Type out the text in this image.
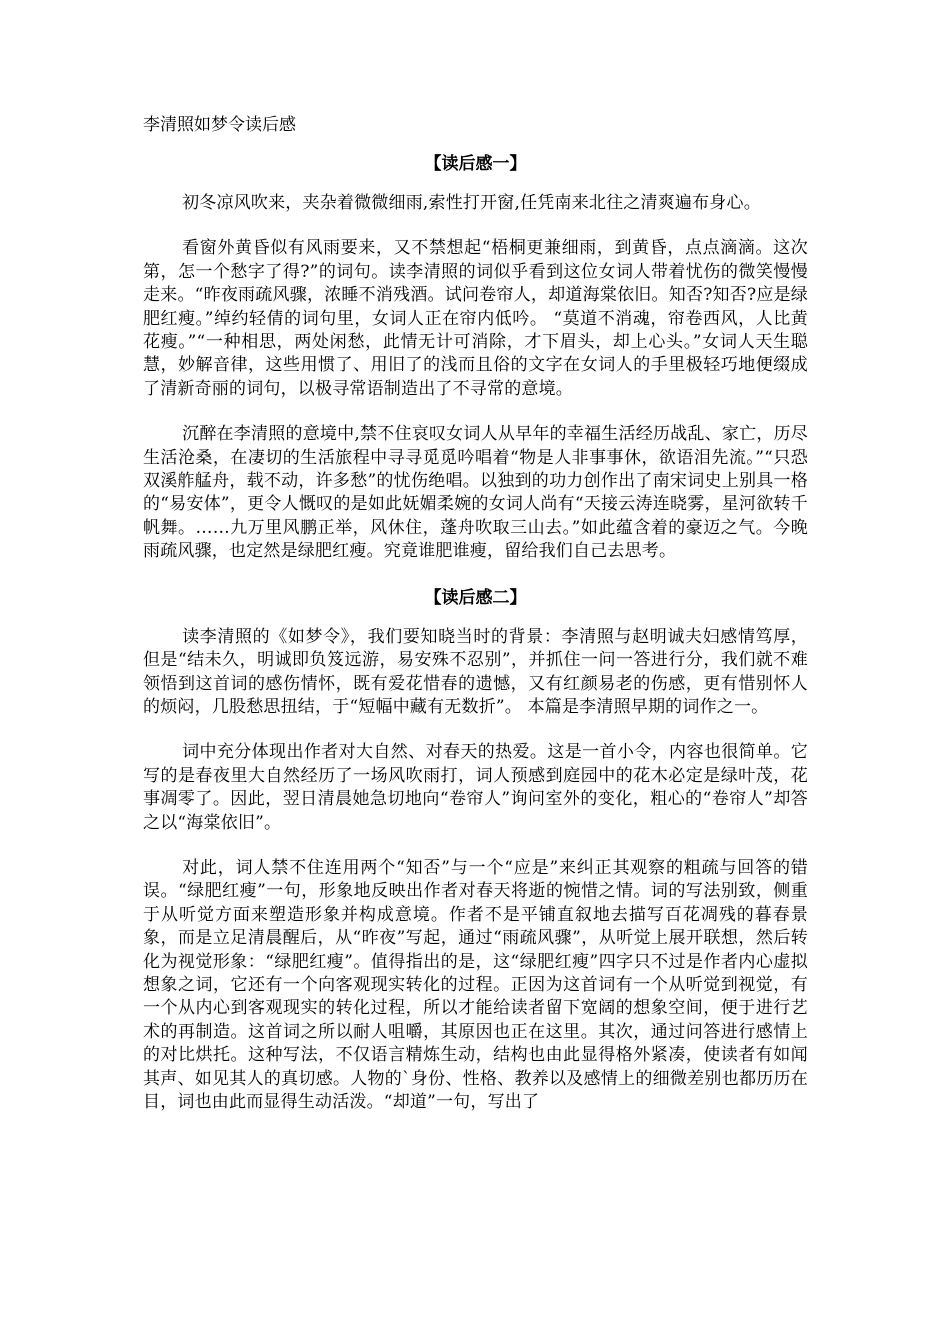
李清照如梦令读后感
【读后感一】

初冬凉风吹来，夹杂着微微细雨,索性打开窗,任凭南来北往之清爽遍布身心。

看窗外黄昏似有风雨要来，又不禁想起“梧桐更兼细雨，到黄昏，点点滴滴。这次第，怎一个愁字了得?”的词句。读李清照的词似乎看到这位女词人带着忧伤的微笑慢慢走来。“昨夜雨疏风骤，浓睡不消残酒。试问卷帘人，却道海棠依旧。知否?知否?应是绿肥红瘦。”绰约轻倩的词句里，女词人正在帘内低吟。 “莫道不消魂，帘卷西风，人比黄花瘦。”“一种相思，两处闲愁，此情无计可消除，才下眉头，却上心头。”女词人天生聪慧，妙解音律，这些用惯了、用旧了的浅而且俗的文字在女词人的手里极轻巧地便缀成了清新奇丽的词句，以极寻常语制造出了不寻常的意境。

沉醉在李清照的意境中,禁不住哀叹女词人从早年的幸福生活经历战乱、家亡，历尽生活沧桑，在凄切的生活旅程中寻寻觅觅吟唱着“物是人非事事休，欲语泪先流。”“只恐双溪舴艋舟，载不动，许多愁”的忧伤绝唱。以独到的功力创作出了南宋词史上别具一格的“易安体”，更令人慨叹的是如此妩媚柔婉的女词人尚有“天接云涛连晓雾，星河欲转千帆舞。……九万里风鹏正举，风休住，蓬舟吹取三山去。”如此蕴含着的豪迈之气。今晚雨疏风骤，也定然是绿肥红瘦。究竟谁肥谁瘦，留给我们自己去思考。

【读后感二】

读李清照的《如梦令》，我们要知晓当时的背景：李清照与赵明诚夫妇感情笃厚，但是“结未久，明诚即负笈远游，易安殊不忍别”，并抓住一问一答进行分，我们就不难领悟到这首词的感伤情怀，既有爱花惜春的遗憾，又有红颜易老的伤感，更有惜别怀人的烦闷，几股愁思扭结，于“短幅中藏有无数折”。 本篇是李清照早期的词作之一。

词中充分体现出作者对大自然、对春天的热爱。这是一首小令，内容也很简单。它写的是春夜里大自然经历了一场风吹雨打，词人预感到庭园中的花木必定是绿叶茂，花事凋零了。因此，翌日清晨她急切地向“卷帘人”询问室外的变化，粗心的“卷帘人”却答之以“海棠依旧”。

对此，词人禁不住连用两个“知否”与一个“应是”来纠正其观察的粗疏与回答的错误。“绿肥红瘦”一句，形象地反映出作者对春天将逝的惋惜之情。词的写法别致，侧重于从听觉方面来塑造形象并构成意境。作者不是平铺直叙地去描写百花凋残的暮春景象，而是立足清晨醒后，从“昨夜”写起，通过“雨疏风骤”，从听觉上展开联想，然后转化为视觉形象：“绿肥红瘦”。值得指出的是，这“绿肥红瘦”四字只不过是作者内心虚拟想象之词，它还有一个向客观现实转化的过程。正因为这首词有一个从听觉到视觉，有一个从内心到客观现实的转化过程，所以才能给读者留下宽阔的想象空间，便于进行艺术的再制造。这首词之所以耐人咀嚼，其原因也正在这里。其次，通过问答进行感情上的对比烘托。这种写法，不仅语言精炼生动，结构也由此显得格外紧凑，使读者有如闻其声、如见其人的真切感。人物的`身份、性格、教养以及感情上的细微差别也都历历在目，词也由此而显得生动活泼。“却道”一句，写出了
